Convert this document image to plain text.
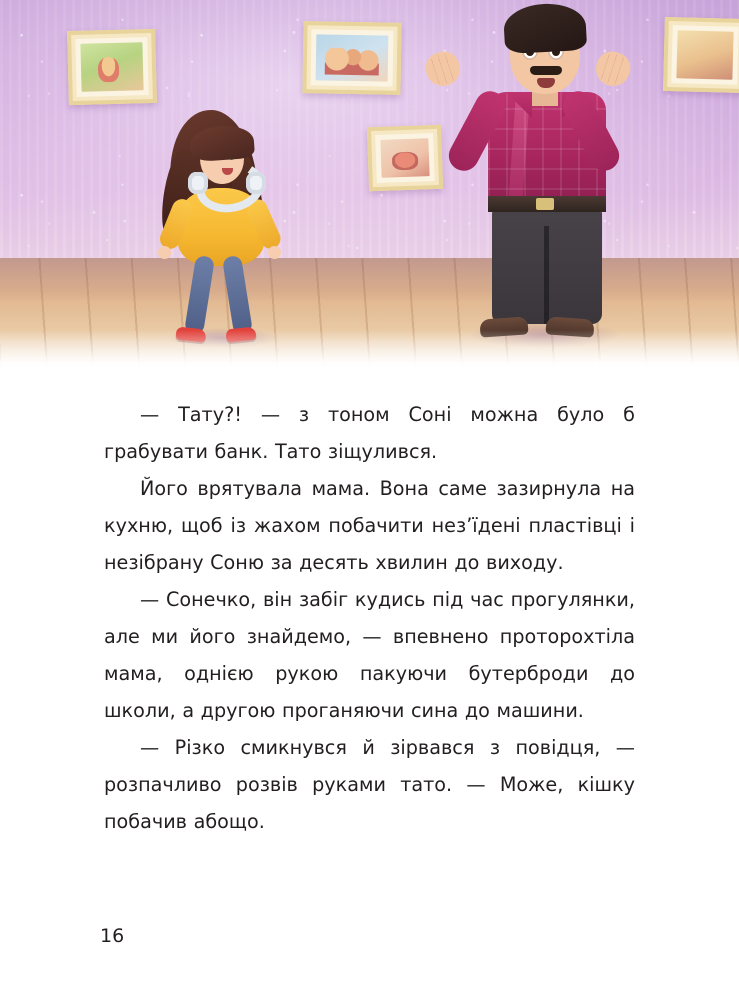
— Тату?! — з тоном Соні можна було б грабувати банк. Тато зіщулився.

Його врятувала мама. Вона саме зазирнула на кухню, щоб із жахом побачити нез’їдені пластівці і незібрану Соню за десять хвилин до виходу.

— Сонечко, він забіг кудись під час прогулянки, але ми його знайдемо, — впевнено проторохтіла мама, однією рукою пакуючи бутерброди до школи, а другою проганяючи сина до машини.

— Різко смикнувся й зірвався з повідця, — розпачливо розвів руками тато. — Може, кішку побачив абощо.

16
